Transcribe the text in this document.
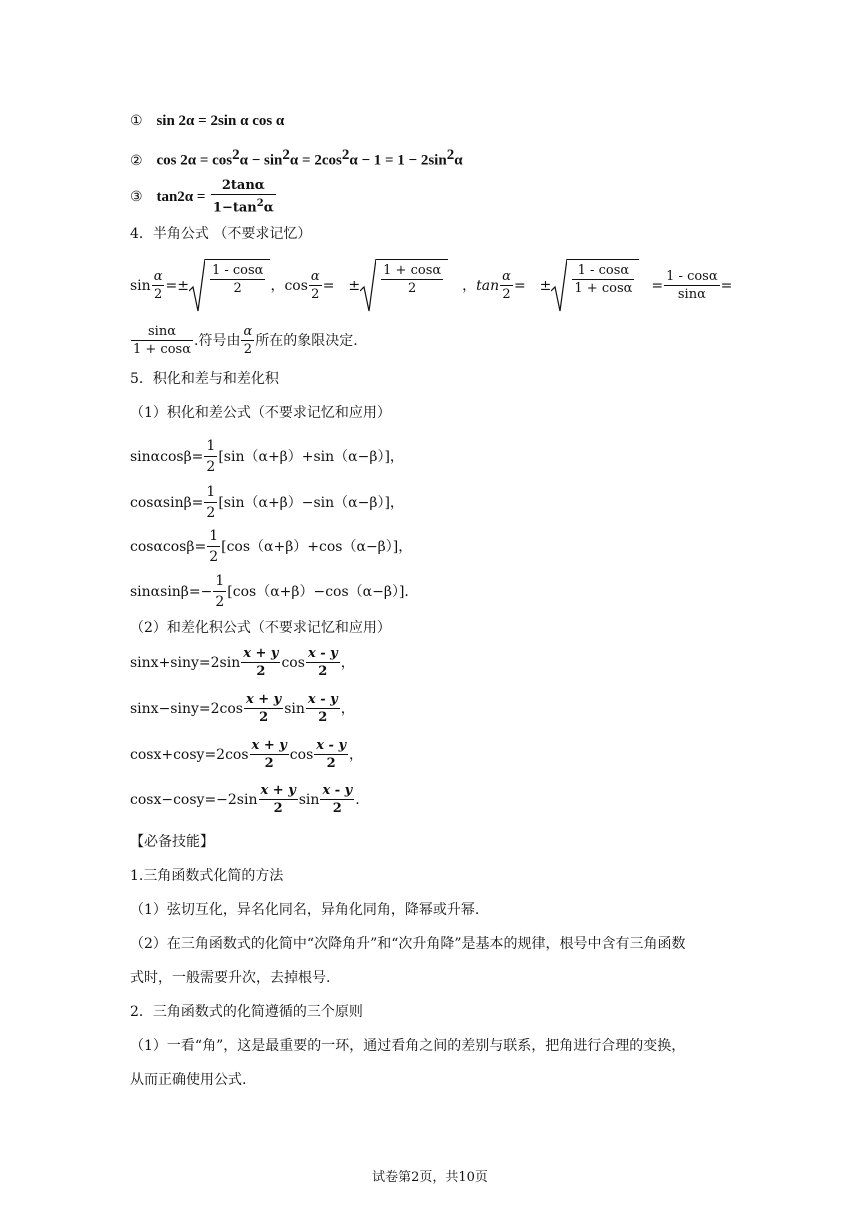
① sin 2α = 2sin α cos α
② $\cos 2\alpha = \cos^2\alpha - \sin^2\alpha = 2\cos^2\alpha - 1 = 1 - 2\sin^2\alpha$
③ $\tan 2\alpha = \frac{2\tan\alpha}{1-\tan^2\alpha}$
4．半角公式 （不要求记忆）
$\sin \frac{\alpha}{2} =\pm \frac{1 - \cos\alpha}{2}$ ， $\cos \frac{\alpha}{2}$ = ± $\frac{1 + \cos\alpha}{2}$ ， $\tan \frac{\alpha}{2}$ = ± $\frac{1 - \cos\alpha}{1 + \cos\alpha} = \frac{1 - \cos\alpha}{\sin\alpha}$ =
$\frac{\sin\alpha}{1 + \cos\alpha}$ .符号由 $\frac{\alpha}{2}$ 所在的象限决定.
5．积化和差与和差化积
（1）积化和差公式（不要求记忆和应用）
$\sin\alpha\cos\beta= \frac{1}{2} [\sin(\alpha+\beta)+\sin(\alpha-\beta)]$，
$\cos\alpha\sin\beta= \frac{1}{2} [\sin(\alpha+\beta)-\sin(\alpha-\beta)]$，
$\cos\alpha\cos\beta= \frac{1}{2} [\cos(\alpha+\beta)+\cos(\alpha-\beta)]$，
$\sin\alpha\sin\beta=- \frac{1}{2} [\cos(\alpha+\beta)-\cos(\alpha-\beta)]$.
（2）和差化积公式（不要求记忆和应用）
$\sin x+\sin y=2\sin \frac{x + y}{2}$ $\cos \frac{x - y}{2}$ ，
$\sin x-\sin y=2\cos \frac{x + y}{2}$ $\sin \frac{x - y}{2}$ ，
$\cos x+\cos y=2\cos \frac{x + y}{2}$ $\cos \frac{x - y}{2}$ ，
$\cos x-\cos y=-2\sin \frac{x + y}{2}$ $\sin \frac{x - y}{2}$ .
【必备技能】
1.三角函数式化简的方法
（1）弦切互化，异名化同名，异角化同角，降幂或升幂.
（2）在三角函数式的化简中“次降角升”和“次升角降”是基本的规律，根号中含有三角函数
式时，一般需要升次，去掉根号.
2．三角函数式的化简遵循的三个原则
（1）一看“角”，这是最重要的一环，通过看角之间的差别与联系，把角进行合理的变换，
从而正确使用公式.
试卷第2页，共10页
